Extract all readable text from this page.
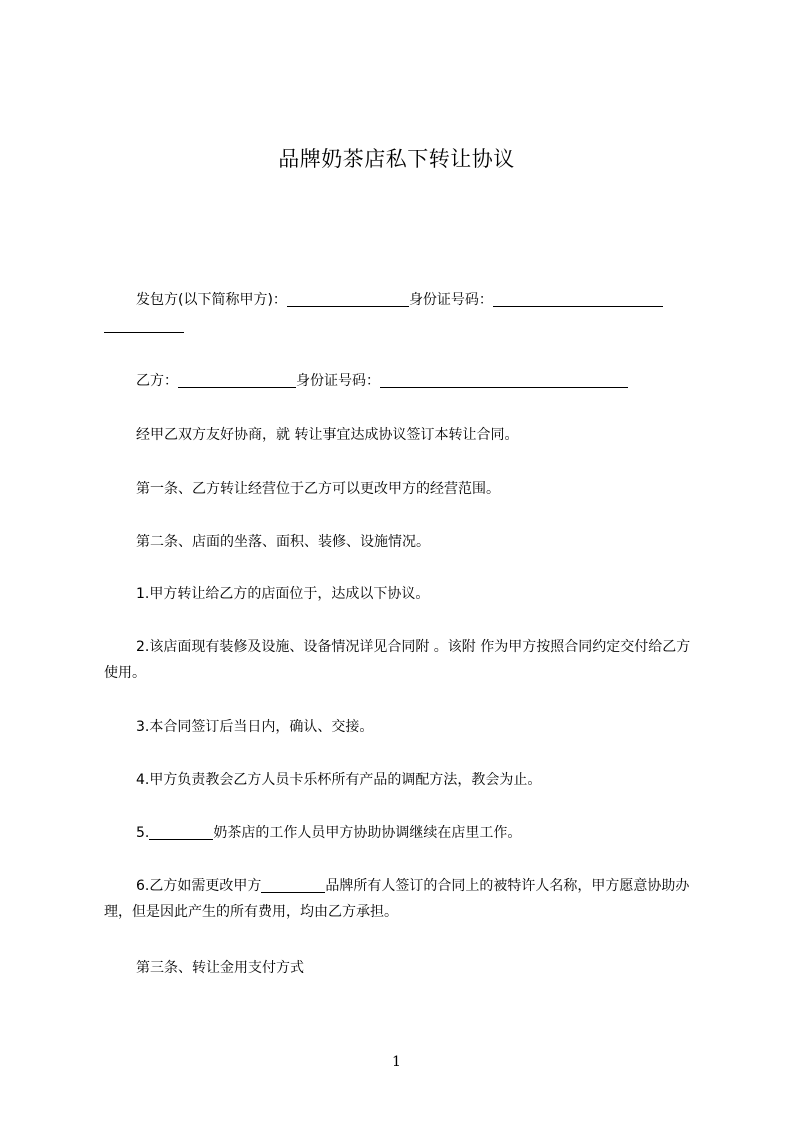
品牌奶茶店私下转让协议

发包方(以下简称甲方)：	身份证号码：

乙方：	身份证号码：

经甲乙双方友好协商，就 转让事宜达成协议签订本转让合同。

第一条、乙方转让经营位于乙方可以更改甲方的经营范围。

第二条、店面的坐落、面积、装修、设施情况。

1.甲方转让给乙方的店面位于，达成以下协议。

2.该店面现有装修及设施、设备情况详见合同附 。该附 作为甲方按照合同约定交付给乙方使用。

3.本合同签订后当日内，确认、交接。

4.甲方负责教会乙方人员卡乐杯所有产品的调配方法，教会为止。

5.	奶茶店的工作人员甲方协助协调继续在店里工作。

6.乙方如需更改甲方	品牌所有人签订的合同上的被特许人名称，甲方愿意协助办理，但是因此产生的所有费用，均由乙方承担。

第三条、转让金用支付方式

1
